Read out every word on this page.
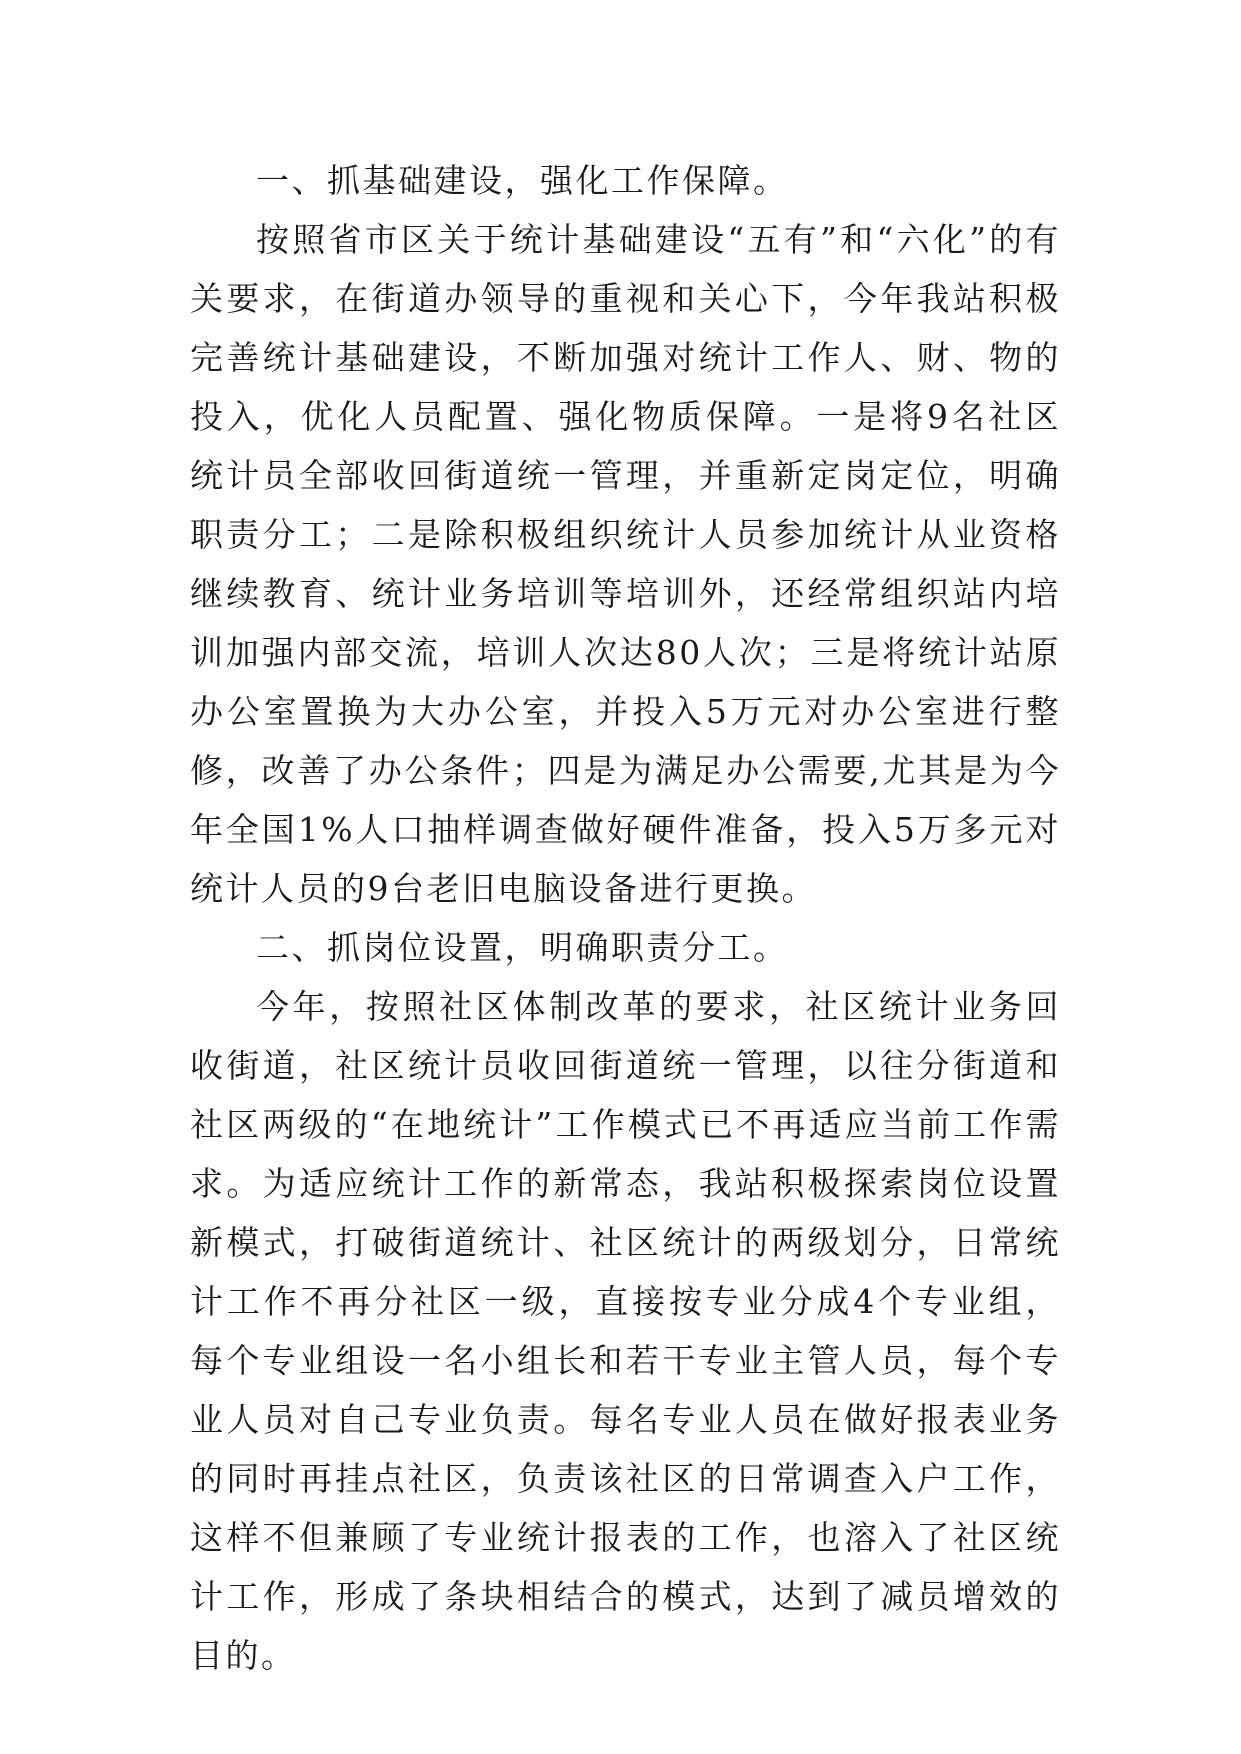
一、抓基础建设，强化工作保障。

按照省市区关于统计基础建设“五有”和“六化”的有关要求，在街道办领导的重视和关心下，今年我站积极完善统计基础建设，不断加强对统计工作人、财、物的投入，优化人员配置、强化物质保障。一是将9名社区统计员全部收回街道统一管理，并重新定岗定位，明确职责分工；二是除积极组织统计人员参加统计从业资格继续教育、统计业务培训等培训外，还经常组织站内培训加强内部交流，培训人次达80人次；三是将统计站原办公室置换为大办公室，并投入5万元对办公室进行整修，改善了办公条件；四是为满足办公需要,尤其是为今年全国1%人口抽样调查做好硬件准备，投入5万多元对统计人员的9台老旧电脑设备进行更换。

二、抓岗位设置，明确职责分工。

今年，按照社区体制改革的要求，社区统计业务回收街道，社区统计员收回街道统一管理，以往分街道和社区两级的“在地统计”工作模式已不再适应当前工作需求。为适应统计工作的新常态，我站积极探索岗位设置新模式，打破街道统计、社区统计的两级划分，日常统计工作不再分社区一级，直接按专业分成4个专业组，每个专业组设一名小组长和若干专业主管人员，每个专业人员对自己专业负责。每名专业人员在做好报表业务的同时再挂点社区，负责该社区的日常调查入户工作，这样不但兼顾了专业统计报表的工作，也溶入了社区统计工作，形成了条块相结合的模式，达到了减员增效的目的。
